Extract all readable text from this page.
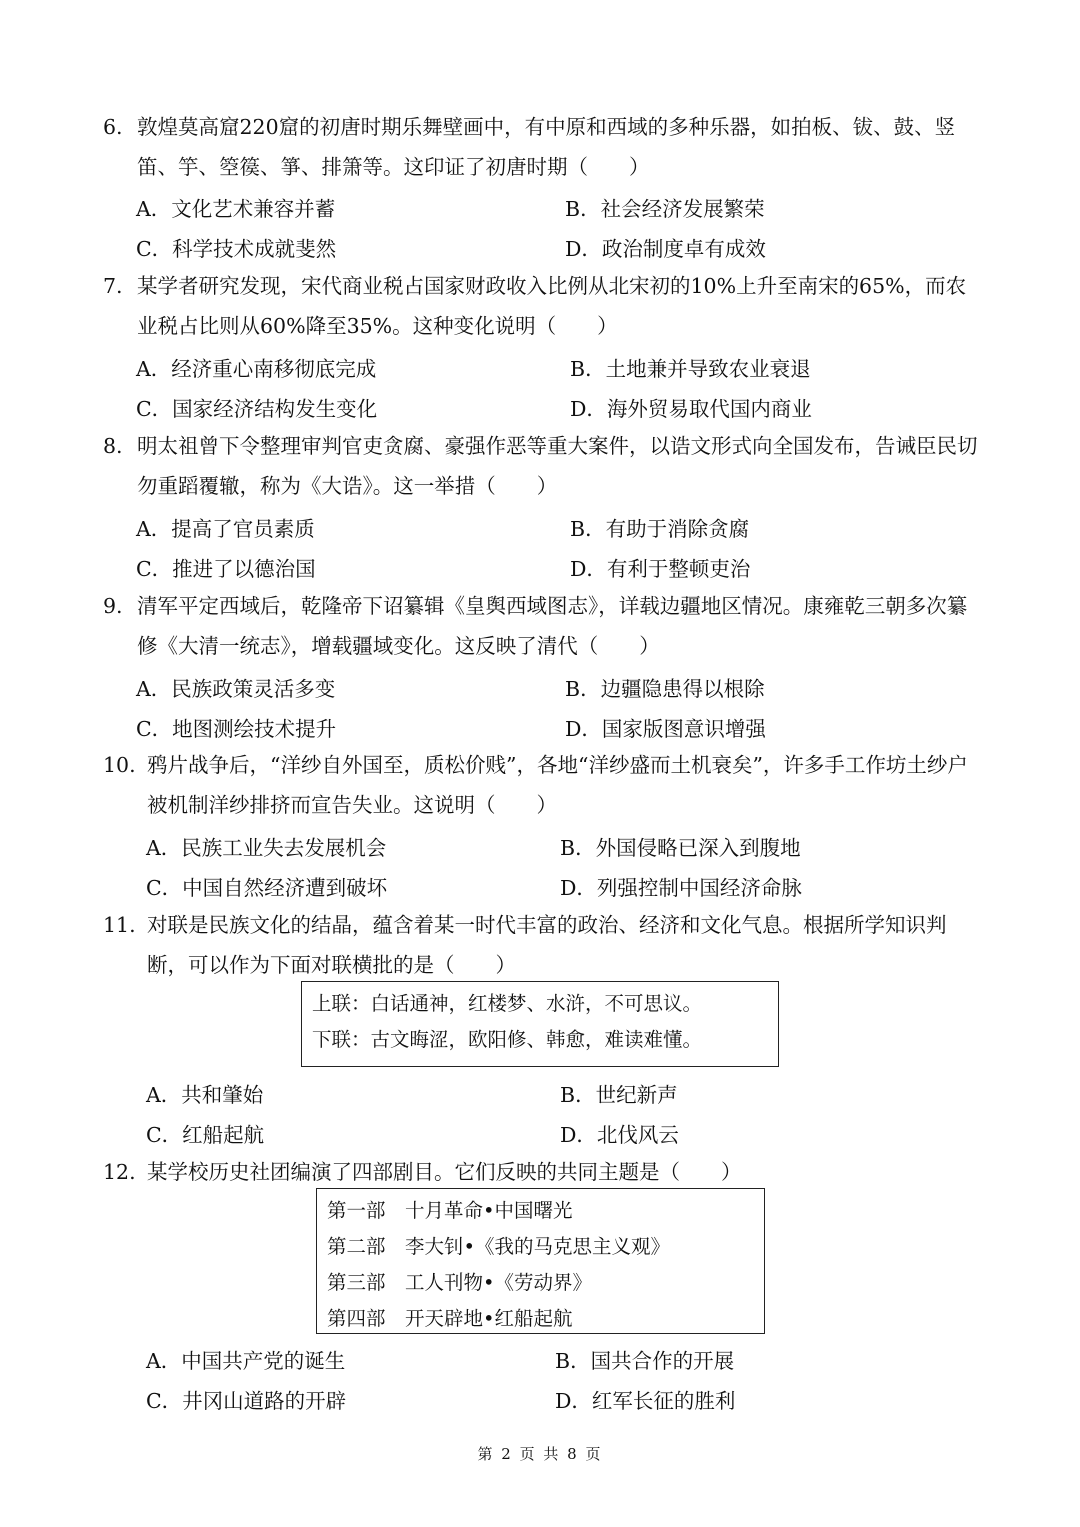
6. 敦煌莫高窟220窟的初唐时期乐舞壁画中，有中原和西域的多种乐器，如拍板、钹、鼓、竖笛、竽、箜篌、箏、排箫等。这印证了初唐时期（　　）
A．文化艺术兼容并蓄	B．社会经济发展繁荣
C．科学技术成就斐然	D．政治制度卓有成效
7. 某学者研究发现，宋代商业税占国家财政收入比例从北宋初的10%上升至南宋的65%，而农业税占比则从60%降至35%。这种变化说明（　　）
A．经济重心南移彻底完成	B．土地兼并导致农业衰退
C．国家经济结构发生变化	D．海外贸易取代国内商业
8. 明太祖曾下令整理审判官吏贪腐、豪强作恶等重大案件，以诰文形式向全国发布，告诫臣民切勿重蹈覆辙，称为《大诰》。这一举措（　　）
A．提高了官员素质	B．有助于消除贪腐
C．推进了以德治国	D．有利于整顿吏治
9. 清军平定西域后，乾隆帝下诏纂辑《皇舆西域图志》，详载边疆地区情况。康雍乾三朝多次纂修《大清一统志》，增载疆域变化。这反映了清代（　　）
A．民族政策灵活多变	B．边疆隐患得以根除
C．地图测绘技术提升	D．国家版图意识增强
10. 鸦片战争后，“洋纱自外国至，质松价贱”，各地“洋纱盛而土机衰矣”，许多手工作坊土纱户被机制洋纱排挤而宣告失业。这说明（　　）
A．民族工业失去发展机会	B．外国侵略已深入到腹地
C．中国自然经济遭到破坏	D．列强控制中国经济命脉
11. 对联是民族文化的结晶，蕴含着某一时代丰富的政治、经济和文化气息。根据所学知识判断，可以作为下面对联横批的是（　　）
上联：白话通神，红楼梦、水浒，不可思议。
下联：古文晦涩，欧阳修、韩愈，难读难懂。
A．共和肇始	B．世纪新声
C．红船起航	D．北伐风云
12. 某学校历史社团编演了四部剧目。它们反映的共同主题是（　　）
第一部　十月革命•中国曙光
第二部　李大钊•《我的马克思主义观》
第三部　工人刊物•《劳动界》
第四部　开天辟地•红船起航
A．中国共产党的诞生	B．国共合作的开展
C．井冈山道路的开辟	D．红军长征的胜利
第 2 页 共 8 页
